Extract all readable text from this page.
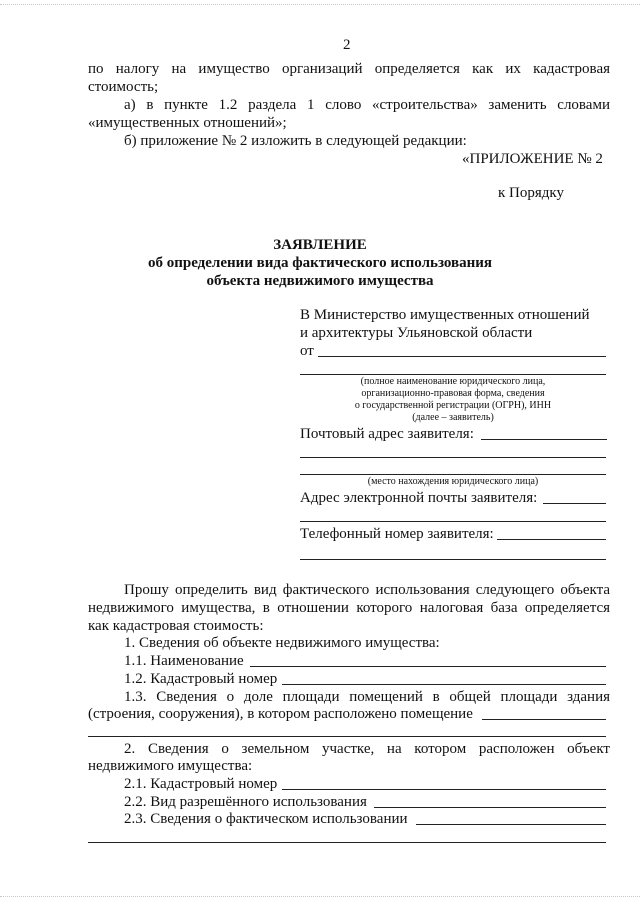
2
по налогу на имущество организаций определяется как их кадастровая
стоимость;
а) в пункте 1.2 раздела 1 слово «строительства» заменить словами
«имущественных отношений»;
б) приложение № 2 изложить в следующей редакции:
«ПРИЛОЖЕНИЕ № 2
к Порядку
ЗАЯВЛЕНИЕ
об определении вида фактического использования
объекта недвижимого имущества
В Министерство имущественных отношений
и архитектуры Ульяновской области
от
(полное наименование юридического лица,
организационно-правовая форма, сведения
о государственной регистрации (ОГРН), ИНН
(далее – заявитель)
Почтовый адрес заявителя:
(место нахождения юридического лица)
Адрес электронной почты заявителя:
Телефонный номер заявителя:
Прошу определить вид фактического использования следующего объекта
недвижимого имущества, в отношении которого налоговая база определяется
как кадастровая стоимость:
1. Сведения об объекте недвижимого имущества:
1.1. Наименование
1.2. Кадастровый номер
1.3. Сведения о доле площади помещений в общей площади здания
(строения, сооружения), в котором расположено помещение
2. Сведения о земельном участке, на котором расположен объект
недвижимого имущества:
2.1. Кадастровый номер
2.2. Вид разрешённого использования
2.3. Сведения о фактическом использовании
